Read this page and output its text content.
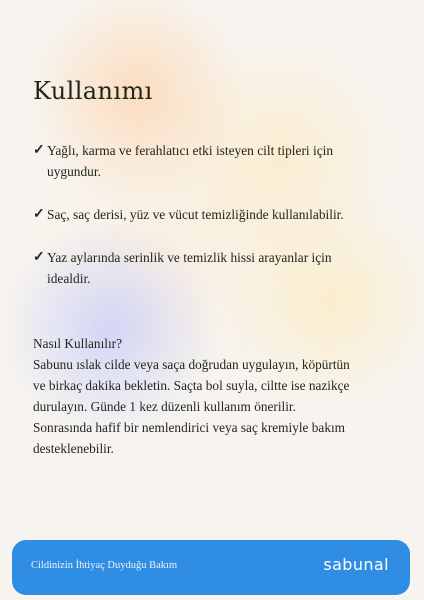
Kullanımı
✓ Yağlı, karma ve ferahlatıcı etki isteyen cilt tipleri için
uygundur.
✓ Saç, saç derisi, yüz ve vücut temizliğinde kullanılabilir.
✓ Yaz aylarında serinlik ve temizlik hissi arayanlar için
idealdir.
Nasıl Kullanılır?
Sabunu ıslak cilde veya saça doğrudan uygulayın, köpürtün
ve birkaç dakika bekletin. Saçta bol suyla, ciltte ise nazikçe
durulayın. Günde 1 kez düzenli kullanım önerilir.
Sonrasında hafif bir nemlendirici veya saç kremiyle bakım
desteklenebilir.
Cildinizin İhtiyaç Duyduğu Bakım	sabunal
